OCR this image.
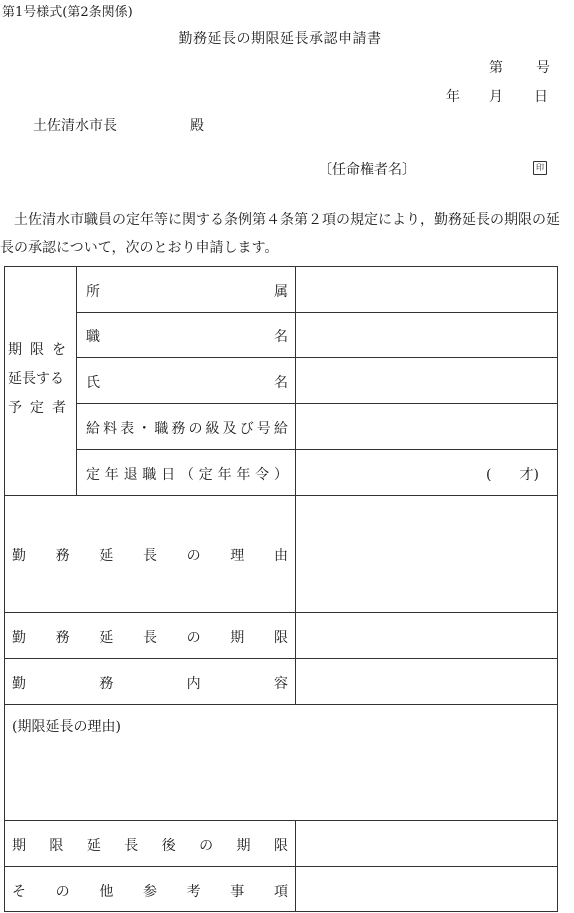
第1号様式(第2条関係)
勤務延長の期限延長承認申請書
第 号
年 月 日
土佐清水市長	殿
〔任命権者名〕	印
土佐清水市職員の定年等に関する条例第４条第２項の規定により，勤務延長の期限の延長の承認について，次のとおり申請します。
期限を
延長する
予定者
所	属
職	名
氏	名
給 料 表 ・ 職 務 の 級 及 び 号 給
定 年 退 職 日 （ 定 年 年 令 ）	(　　才)
勤 務 延 長 の 理 由
勤 務 延 長 の 期 限
勤	務	内	容
(期限延長の理由)
期 限 延 長 後 の 期 限
そ の 他 参 考 事 項
